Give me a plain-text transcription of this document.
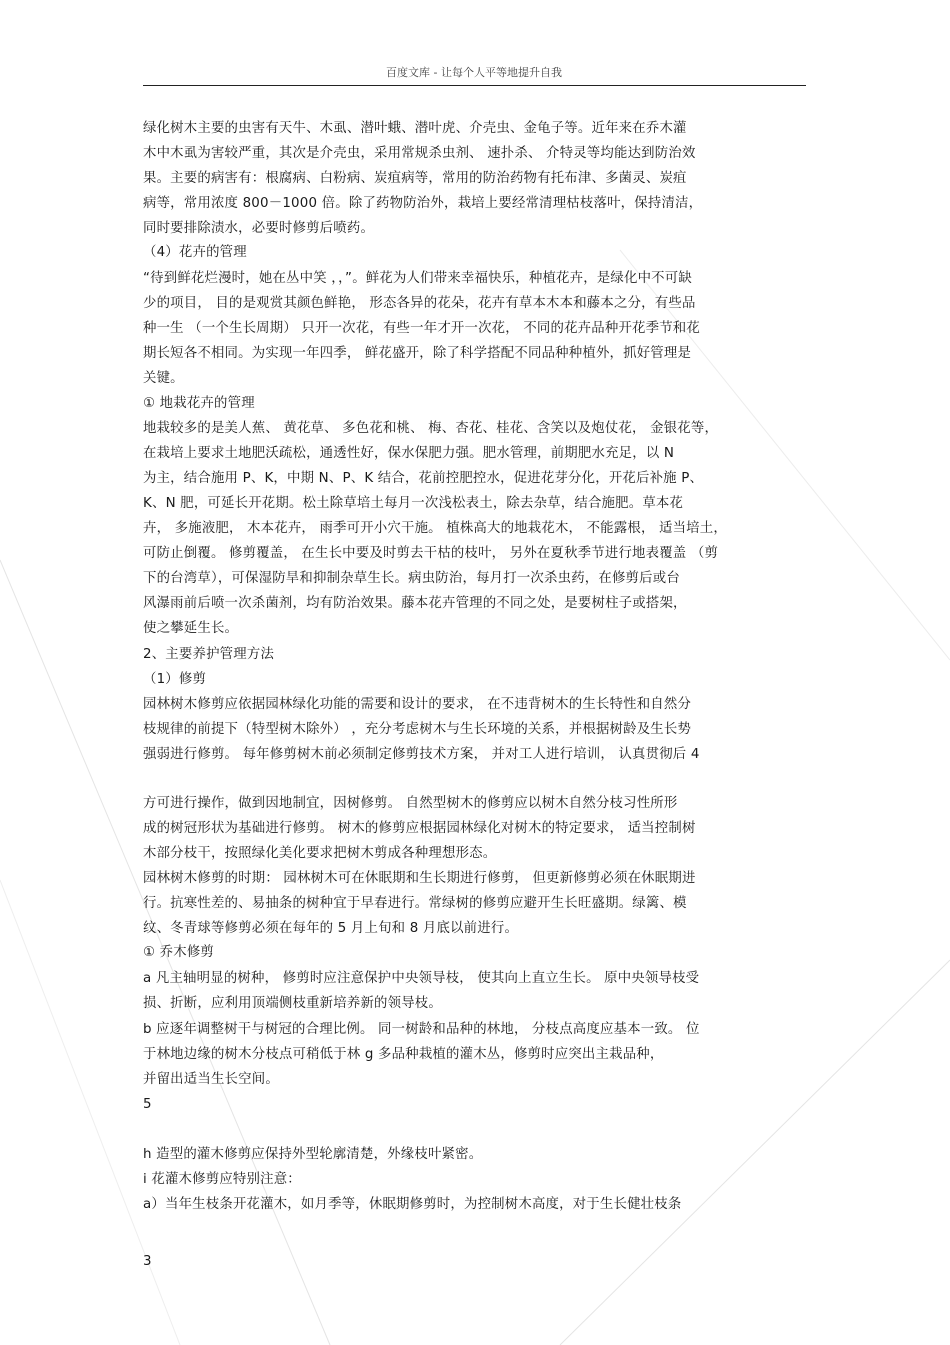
百度文库 - 让每个人平等地提升自我
绿化树木主要的虫害有天牛、木虱、潜叶蛾、潜叶虎、介壳虫、金龟子等。近年来在乔木灌
木中木虱为害较严重，其次是介壳虫，采用常规杀虫剂、 速扑杀、 介特灵等均能达到防治效
果。主要的病害有：根腐病、白粉病、炭疽病等，常用的防治药物有托布津、多菌灵、炭疽
病等，常用浓度 800－1000 倍。除了药物防治外，栽培上要经常清理枯枝落叶，保持清洁，
同时要排除渍水，必要时修剪后喷药。
（4）花卉的管理
“待到鲜花烂漫时，她在丛中笑 ，，”。鲜花为人们带来幸福快乐，种植花卉，是绿化中不可缺
少的项目， 目的是观赏其颜色鲜艳， 形态各异的花朵，花卉有草本木本和藤本之分，有些品
种一生 （一个生长周期） 只开一次花，有些一年才开一次花， 不同的花卉品种开花季节和花
期长短各不相同。为实现一年四季， 鲜花盛开，除了科学搭配不同品种种植外，抓好管理是
关键。
① 地栽花卉的管理
地栽较多的是美人蕉、 黄花草、 多色花和桃、 梅、杏花、桂花、含笑以及炮仗花， 金银花等，
在栽培上要求土地肥沃疏松，通透性好，保水保肥力强。肥水管理，前期肥水充足，以 N
为主，结合施用 P、K，中期 N、P、K 结合，花前控肥控水，促进花芽分化，开花后补施 P、
K、N 肥，可延长开花期。松土除草培土每月一次浅松表土，除去杂草，结合施肥。草本花
卉， 多施液肥， 木本花卉， 雨季可开小穴干施。 植株高大的地栽花木， 不能露根， 适当培土，
可防止倒覆。 修剪覆盖， 在生长中要及时剪去干枯的枝叶， 另外在夏秋季节进行地表覆盖 （剪
下的台湾草），可保湿防旱和抑制杂草生长。病虫防治，每月打一次杀虫药，在修剪后或台
风瀑雨前后喷一次杀菌剂，均有防治效果。藤本花卉管理的不同之处，是要树柱子或搭架，
使之攀延生长。
2、主要养护管理方法
（1）修剪
园林树木修剪应依据园林绿化功能的需要和设计的要求， 在不违背树木的生长特性和自然分
枝规律的前提下（特型树木除外） ，充分考虑树木与生长环境的关系，并根据树龄及生长势
强弱进行修剪。 每年修剪树木前必须制定修剪技术方案， 并对工人进行培训， 认真贯彻后 4
方可进行操作，做到因地制宜，因树修剪。 自然型树木的修剪应以树木自然分枝习性所形
成的树冠形状为基础进行修剪。 树木的修剪应根据园林绿化对树木的特定要求， 适当控制树
木部分枝干，按照绿化美化要求把树木剪成各种理想形态。
园林树木修剪的时期： 园林树木可在休眠期和生长期进行修剪， 但更新修剪必须在休眠期进
行。抗寒性差的、易抽条的树种宜于早春进行。常绿树的修剪应避开生长旺盛期。绿篱、模
纹、冬青球等修剪必须在每年的 5 月上旬和 8 月底以前进行。
① 乔木修剪
a 凡主轴明显的树种， 修剪时应注意保护中央领导枝， 使其向上直立生长。 原中央领导枝受
损、折断，应利用顶端侧枝重新培养新的领导枝。
b 应逐年调整树干与树冠的合理比例。 同一树龄和品种的林地， 分枝点高度应基本一致。 位
于林地边缘的树木分枝点可稍低于林 g 多品种栽植的灌木丛，修剪时应突出主栽品种，
并留出适当生长空间。
5
h 造型的灌木修剪应保持外型轮廓清楚，外缘枝叶紧密。
i 花灌木修剪应特别注意：
a）当年生枝条开花灌木，如月季等，休眠期修剪时，为控制树木高度，对于生长健壮枝条
3
